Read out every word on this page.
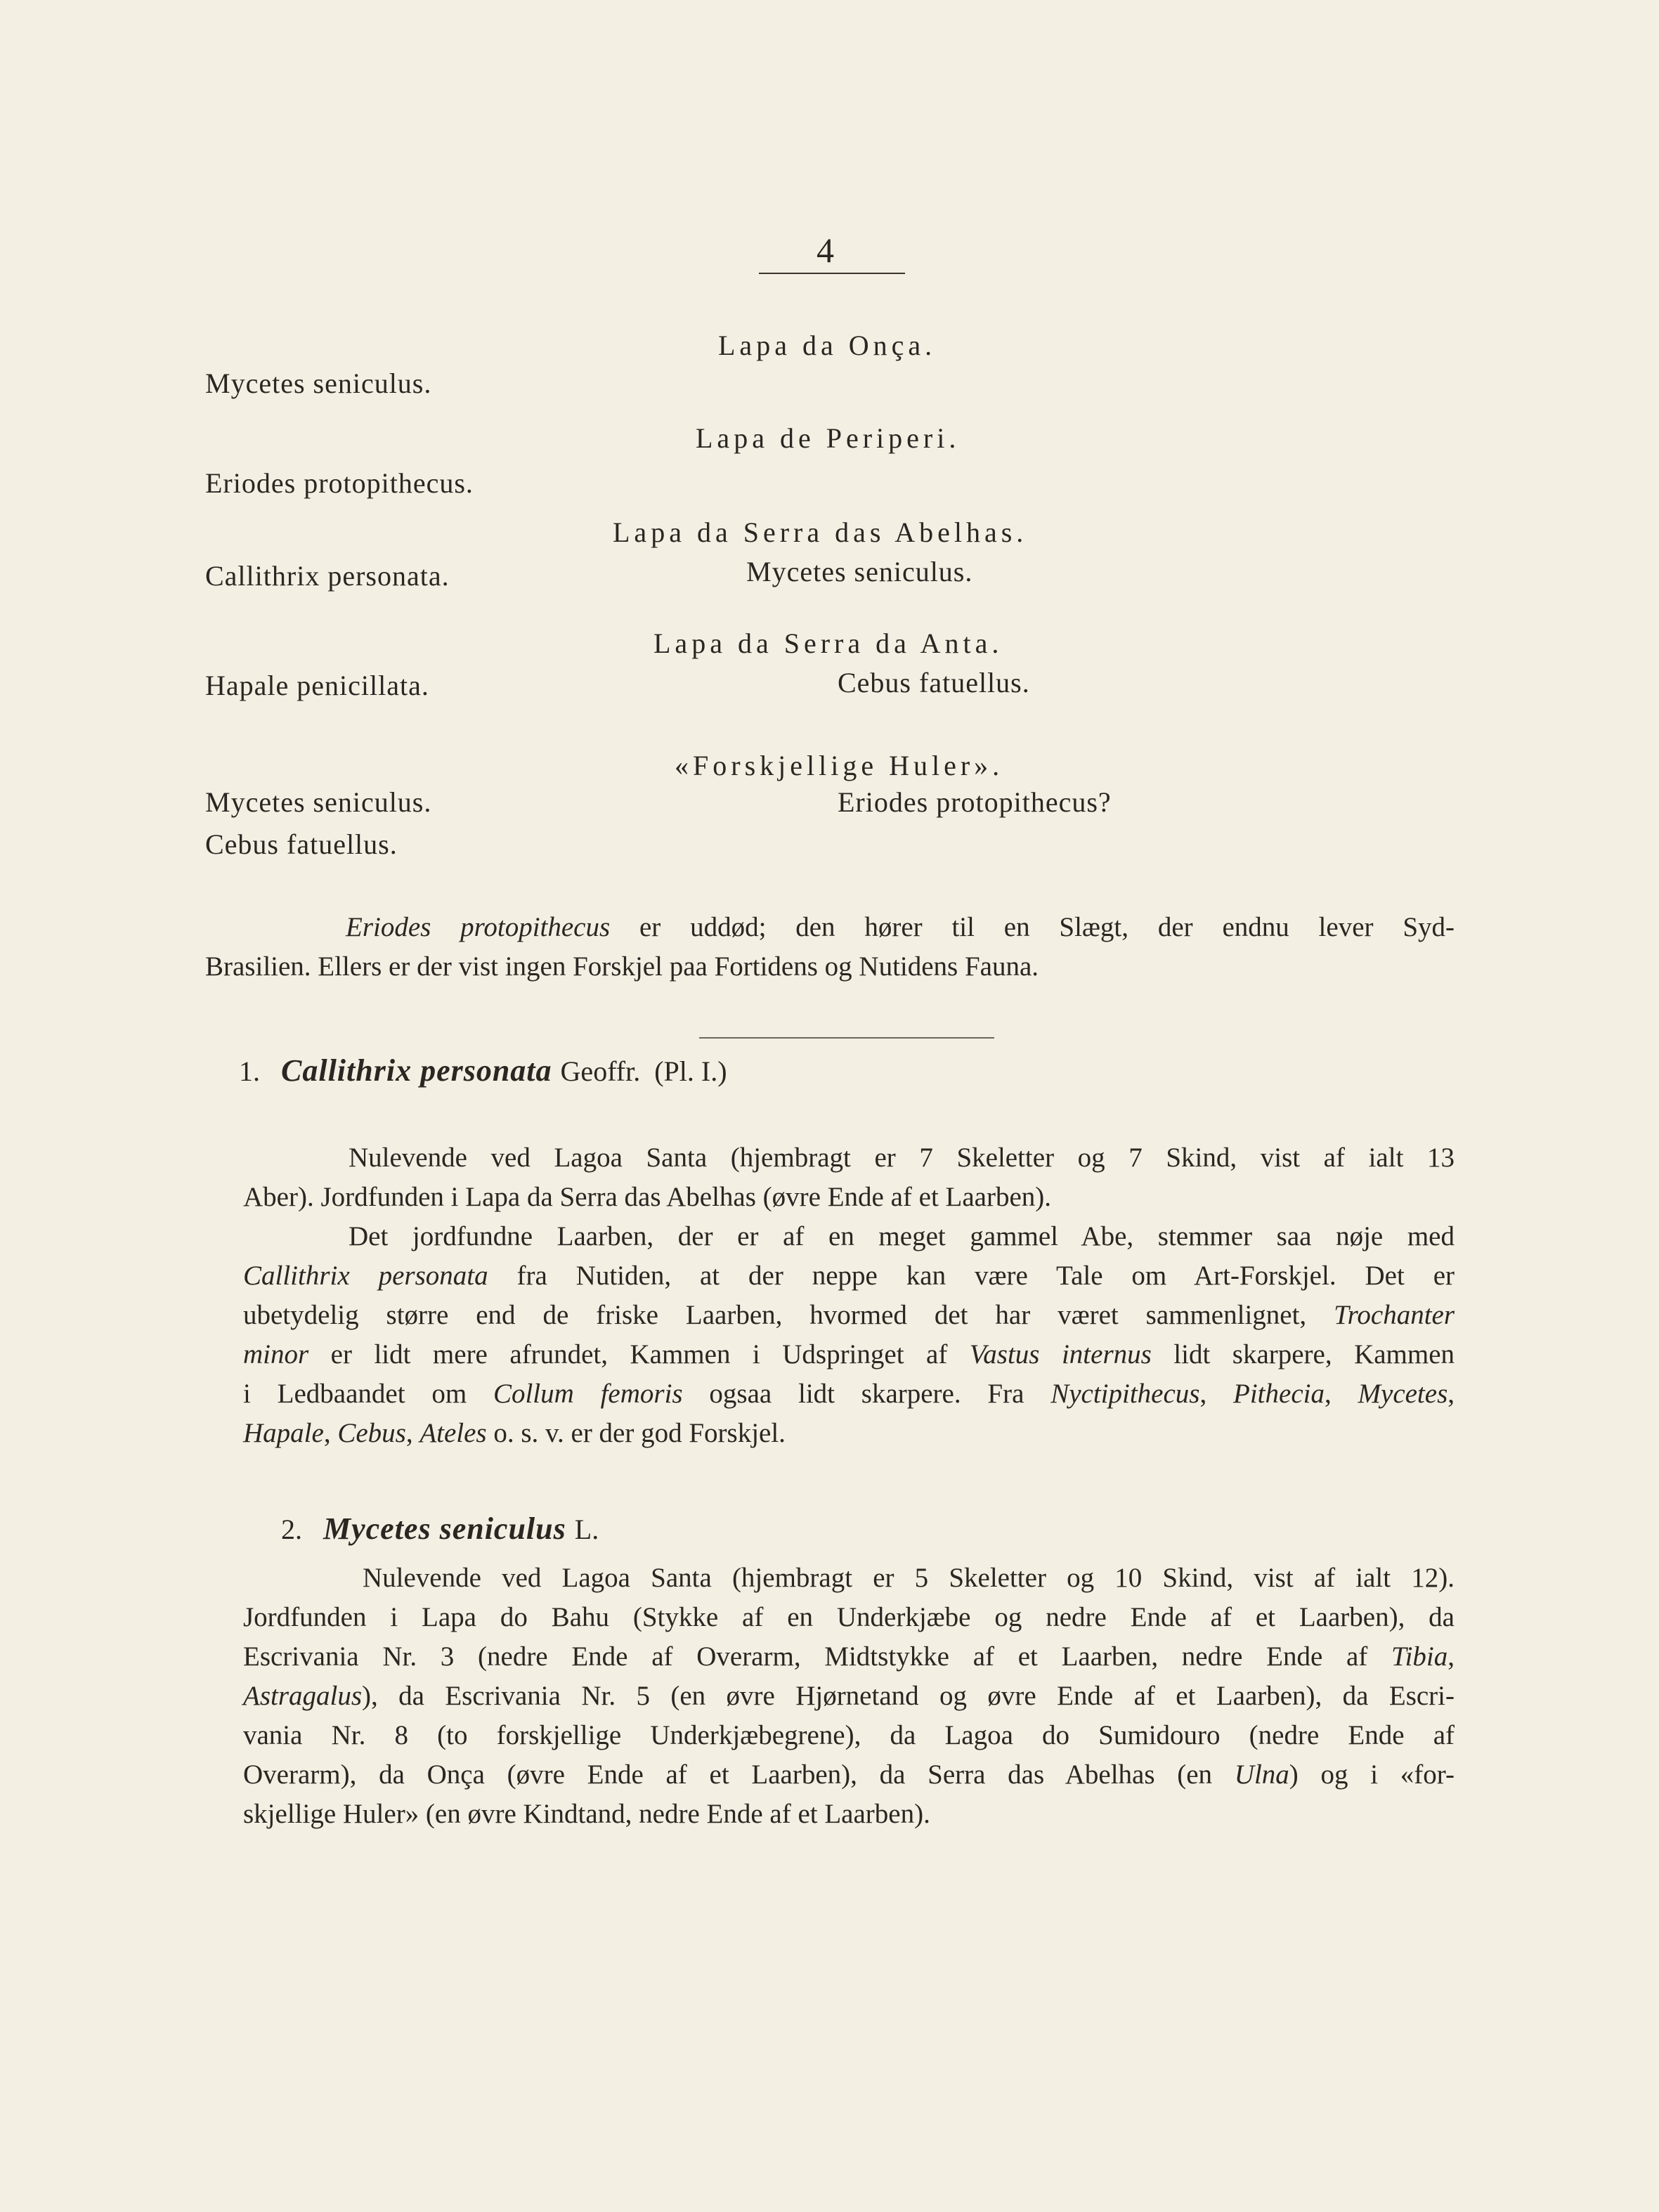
4
Lapa da Onça.
Lapa de Periperi.
Lapa da Serra das Abelhas.
Mycetes seniculus.
Lapa da Serra da Anta.
Cebus fatuellus.
«Forskjellige Huler».
Eriodes protopithecus?
Mycetes seniculus.
Eriodes protopithecus.
Callithrix personata.
Hapale penicillata.
Mycetes seniculus.
Cebus fatuellus.
Eriodes protopithecus er uddød; den hører til en Slægt, der endnu lever Syd-
Brasilien. Ellers er der vist ingen Forskjel paa Fortidens og Nutidens Fauna.
1. Callithrix personata Geoffr. (Pl. I.)
Nulevende ved Lagoa Santa (hjembragt er 7 Skeletter og 7 Skind, vist af ialt 13
Aber). Jordfunden i Lapa da Serra das Abelhas (øvre Ende af et Laarben).
Det jordfundne Laarben, der er af en meget gammel Abe, stemmer saa nøje med
Callithrix personata fra Nutiden, at der neppe kan være Tale om Art-Forskjel. Det er
ubetydelig større end de friske Laarben, hvormed det har været sammenlignet, Trochanter
minor er lidt mere afrundet, Kammen i Udspringet af Vastus internus lidt skarpere, Kammen
i Ledbaandet om Collum femoris ogsaa lidt skarpere. Fra Nyctipithecus, Pithecia, Mycetes,
Hapale, Cebus, Ateles o. s. v. er der god Forskjel.
2. Mycetes seniculus L.
Nulevende ved Lagoa Santa (hjembragt er 5 Skeletter og 10 Skind, vist af ialt 12).
Jordfunden i Lapa do Bahu (Stykke af en Underkjæbe og nedre Ende af et Laarben), da
Escrivania Nr. 3 (nedre Ende af Overarm, Midtstykke af et Laarben, nedre Ende af Tibia,
Astragalus), da Escrivania Nr. 5 (en øvre Hjørnetand og øvre Ende af et Laarben), da Escri-
vania Nr. 8 (to forskjellige Underkjæbegrene), da Lagoa do Sumidouro (nedre Ende af
Overarm), da Onça (øvre Ende af et Laarben), da Serra das Abelhas (en Ulna) og i «for-
skjellige Huler» (en øvre Kindtand, nedre Ende af et Laarben).
